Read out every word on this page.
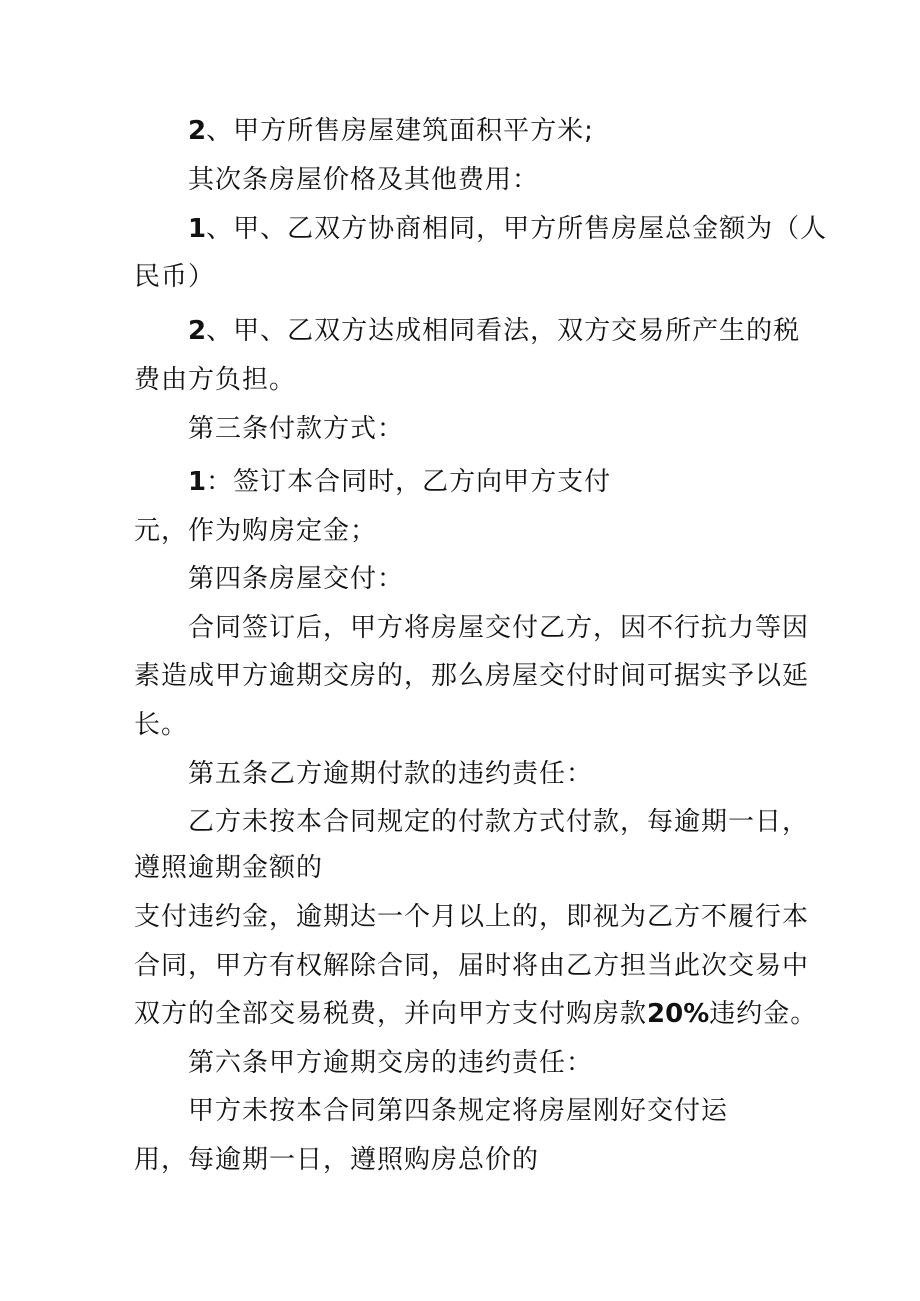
2、甲方所售房屋建筑面积平方米;

其次条房屋价格及其他费用：

1、甲、乙双方协商相同，甲方所售房屋总金额为（人

民币）

2、甲、乙双方达成相同看法，双方交易所产生的税

费由方负担。

第三条付款方式：

1：签订本合同时，乙方向甲方支付

元，作为购房定金；

第四条房屋交付：

合同签订后，甲方将房屋交付乙方，因不行抗力等因

素造成甲方逾期交房的，那么房屋交付时间可据实予以延

长。

第五条乙方逾期付款的违约责任：

乙方未按本合同规定的付款方式付款，每逾期一日，

遵照逾期金额的

支付违约金，逾期达一个月以上的，即视为乙方不履行本

合同，甲方有权解除合同，届时将由乙方担当此次交易中

双方的全部交易税费，并向甲方支付购房款20%违约金。

第六条甲方逾期交房的违约责任：

甲方未按本合同第四条规定将房屋刚好交付运

用，每逾期一日，遵照购房总价的
